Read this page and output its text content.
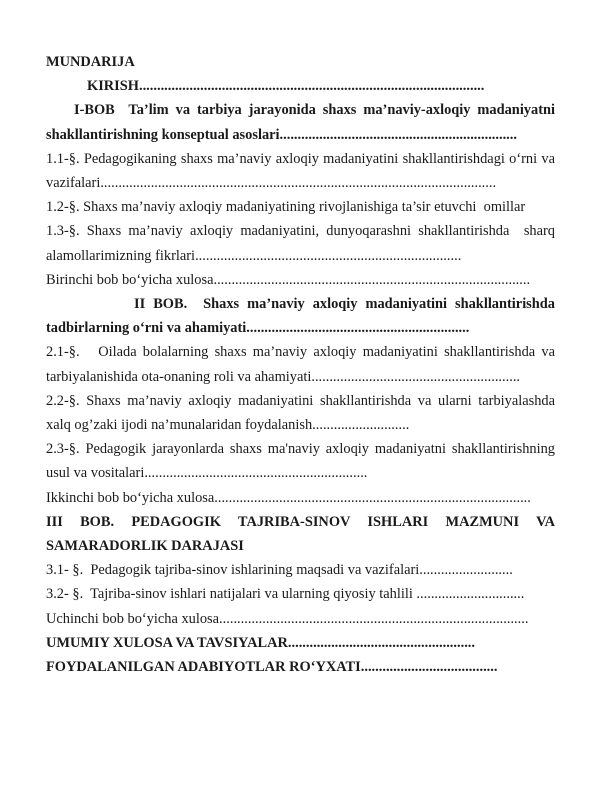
MUNDARIJA

KIRISH................................................................................................

I-BOB  Ta’lim va tarbiya jarayonida shaxs ma’naviy-axloqiy madaniyatni shakllantirishning konseptual asoslari..................................................................

1.1-§. Pedagogikaning shaxs ma’naviy axloqiy madaniyatini shakllantirishdagi o‘rni va vazifalari..............................................................................................................

1.2-§. Shaxs ma’naviy axloqiy madaniyatining rivojlanishiga ta’sir etuvchi  omillar

1.3-§. Shaxs ma’naviy axloqiy madaniyatini, dunyoqarashni shakllantirishda  sharq alamollarimizning fikrlari..........................................................................

Birinchi bob bo‘yicha xulosa........................................................................................

II BOB.  Shaxs ma’naviy axloqiy madaniyatini shakllantirishda tadbirlarning o‘rni va ahamiyati..............................................................

2.1-§.   Oilada bolalarning shaxs ma’naviy axloqiy madaniyatini shakllantirishda va tarbiyalanishida ota-onaning roli va ahamiyati..........................................................

2.2-§. Shaxs ma’naviy axloqiy madaniyatini shakllantirishda va ularni tarbiyalashda xalq og’zaki ijodi na’munalaridan foydalanish...........................

2.3-§. Pedagogik jarayonlarda shaxs ma'naviy axloqiy madaniyatni shakllantirishning usul va vositalari..............................................................

Ikkinchi bob bo‘yicha xulosa........................................................................................

III BOB. PEDAGOGIK TAJRIBA-SINOV ISHLARI MAZMUNI VA SAMARADORLIK DARAJASI

3.1- §.  Pedagogik tajriba-sinov ishlarining maqsadi va vazifalari..........................

3.2- §.  Tajriba-sinov ishlari natijalari va ularning qiyosiy tahlili ..............................

Uchinchi bob bo‘yicha xulosa......................................................................................

UMUMIY XULOSA VA TAVSIYALAR....................................................

FOYDALANILGAN ADABIYOTLAR RO‘YXATI......................................
